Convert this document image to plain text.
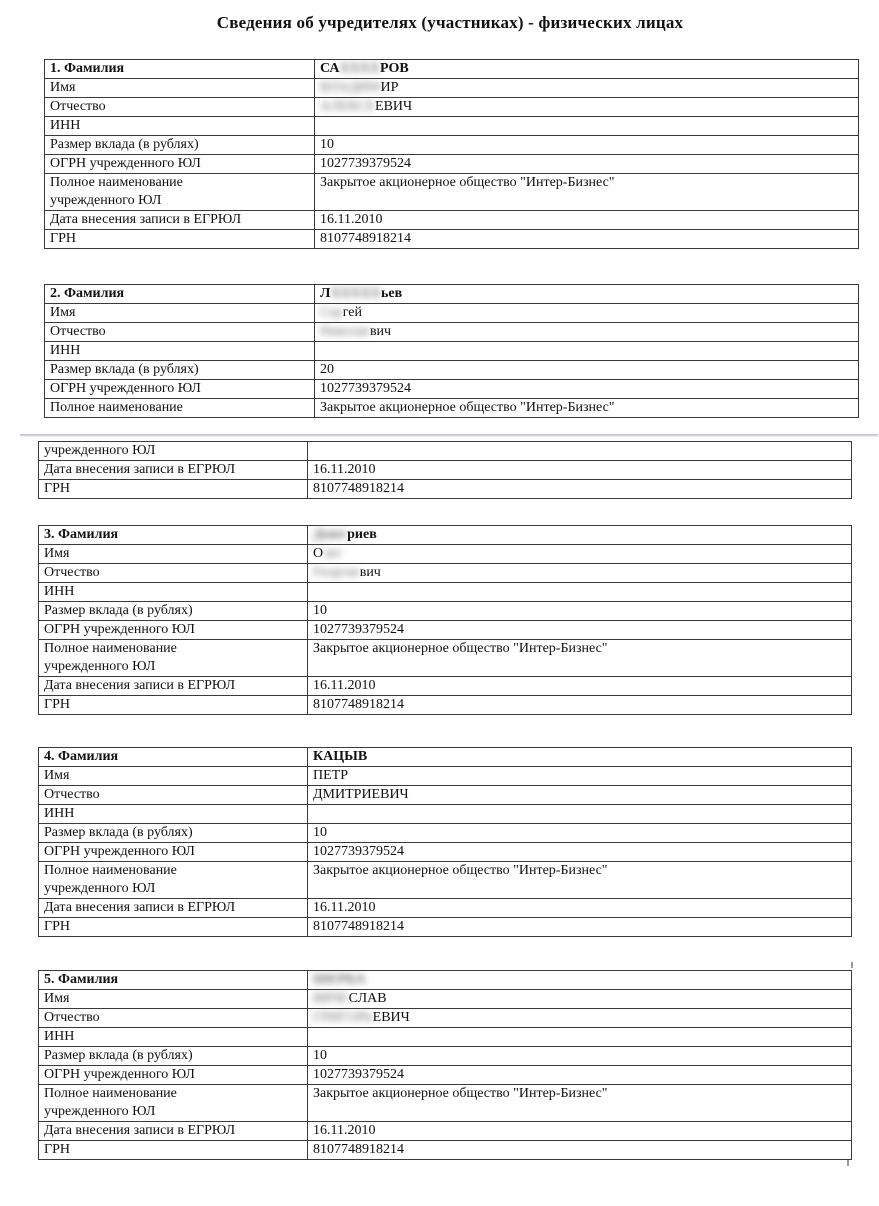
Сведения об учредителях (участниках) - физических лицах
1. Фамилия	САХХХХРОВ
Имя	ВЛАДИМИР
Отчество	АЛЕКСЕЕВИЧ
ИНН	
Размер вклада (в рублях)	10
ОГРН учрежденного ЮЛ	1027739379524
Полное наименование
учрежденного ЮЛ	Закрытое акционерное общество "Интер-Бизнес"
Дата внесения записи в ЕГРЮЛ	16.11.2010
ГРН	8107748918214
2. Фамилия	ЛХХХХХьев
Имя	Сергей
Отчество	Николаевич
ИНН	
Размер вклада (в рублях)	20
ОГРН учрежденного ЮЛ	1027739379524
Полное наименование	Закрытое акционерное общество "Интер-Бизнес"
учрежденного ЮЛ	
Дата внесения записи в ЕГРЮЛ	16.11.2010
ГРН	8107748918214
3. Фамилия	Дмитриев
Имя	Олег
Отчество	Георгиевич
ИНН	
Размер вклада (в рублях)	10
ОГРН учрежденного ЮЛ	1027739379524
Полное наименование
учрежденного ЮЛ	Закрытое акционерное общество "Интер-Бизнес"
Дата внесения записи в ЕГРЮЛ	16.11.2010
ГРН	8107748918214
4. Фамилия	КАЦЫВ

Имя	ПЕТР

Отчество	ДМИТРИЕВИЧ

ИНН	
Размер вклада (в рублях)	10
ОГРН учрежденного ЮЛ	1027739379524
Полное наименование
учрежденного ЮЛ	Закрытое акционерное общество "Интер-Бизнес"
Дата внесения записи в ЕГРЮЛ	16.11.2010
ГРН	8107748918214
5. Фамилия	ШЕРБА
Имя	ВЯЧЕСЛАВ
Отчество	ГРИГОРЬЕВИЧ
ИНН	
Размер вклада (в рублях)	10
ОГРН учрежденного ЮЛ	1027739379524
Полное наименование
учрежденного ЮЛ	Закрытое акционерное общество "Интер-Бизнес"
Дата внесения записи в ЕГРЮЛ	16.11.2010
ГРН	8107748918214
